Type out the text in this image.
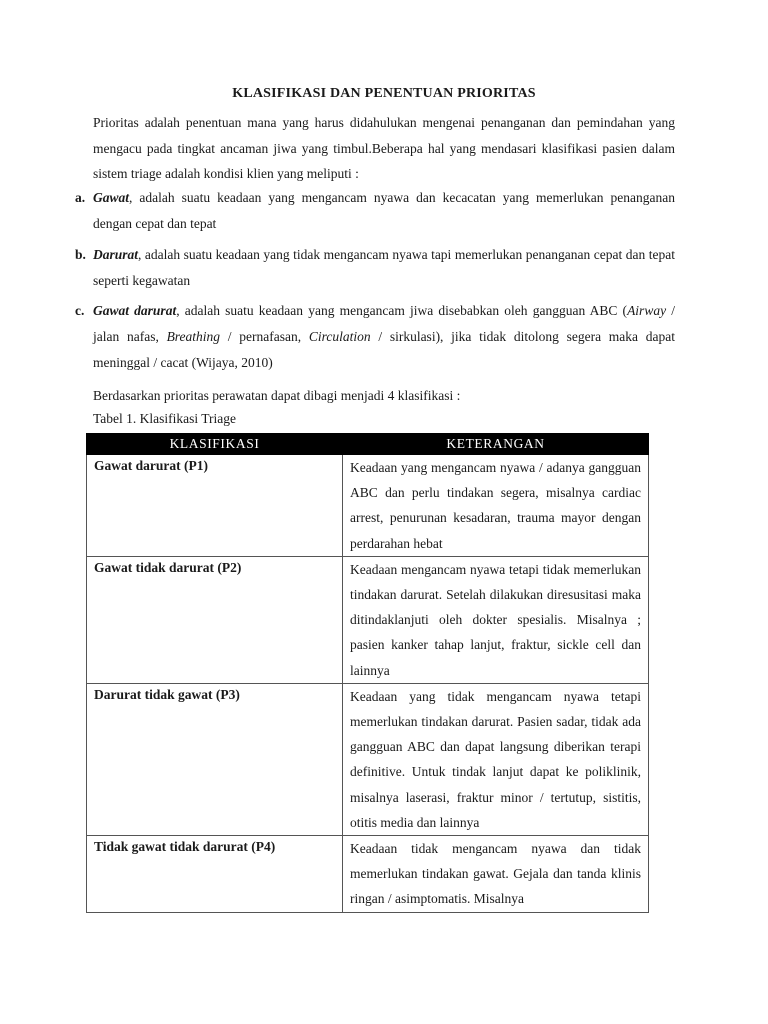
KLASIFIKASI DAN PENENTUAN PRIORITAS

Prioritas adalah penentuan mana yang harus didahulukan mengenai penanganan dan pemindahan yang mengacu pada tingkat ancaman jiwa yang timbul.Beberapa hal yang mendasari klasifikasi pasien dalam sistem triage adalah kondisi klien yang meliputi :

a. Gawat, adalah suatu keadaan yang mengancam nyawa dan kecacatan yang memerlukan penanganan dengan cepat dan tepat
b. Darurat, adalah suatu keadaan yang tidak mengancam nyawa tapi memerlukan penanganan cepat dan tepat seperti kegawatan
c. Gawat darurat, adalah suatu keadaan yang mengancam jiwa disebabkan oleh gangguan ABC (Airway / jalan nafas, Breathing / pernafasan, Circulation / sirkulasi), jika tidak ditolong segera maka dapat meninggal / cacat (Wijaya, 2010)
Berdasarkan prioritas perawatan dapat dibagi menjadi 4 klasifikasi :
Tabel 1. Klasifikasi Triage
KLASIFIKASI	KETERANGAN
Gawat darurat (P1)	Keadaan yang mengancam nyawa / adanya gangguan ABC dan perlu tindakan segera, misalnya cardiac arrest, penurunan kesadaran, trauma mayor dengan perdarahan hebat
Gawat tidak darurat (P2)	Keadaan mengancam nyawa tetapi tidak memerlukan tindakan darurat. Setelah dilakukan diresusitasi maka ditindaklanjuti oleh dokter spesialis. Misalnya ; pasien kanker tahap lanjut, fraktur, sickle cell dan lainnya
Darurat tidak gawat (P3)	Keadaan yang tidak mengancam nyawa tetapi memerlukan tindakan darurat. Pasien sadar, tidak ada gangguan ABC dan dapat langsung diberikan terapi definitive. Untuk tindak lanjut dapat ke poliklinik, misalnya laserasi, fraktur minor / tertutup, sistitis, otitis media dan lainnya
Tidak gawat tidak darurat (P4)	Keadaan tidak mengancam nyawa dan tidak memerlukan tindakan gawat. Gejala dan tanda klinis ringan / asimptomatis. Misalnya
